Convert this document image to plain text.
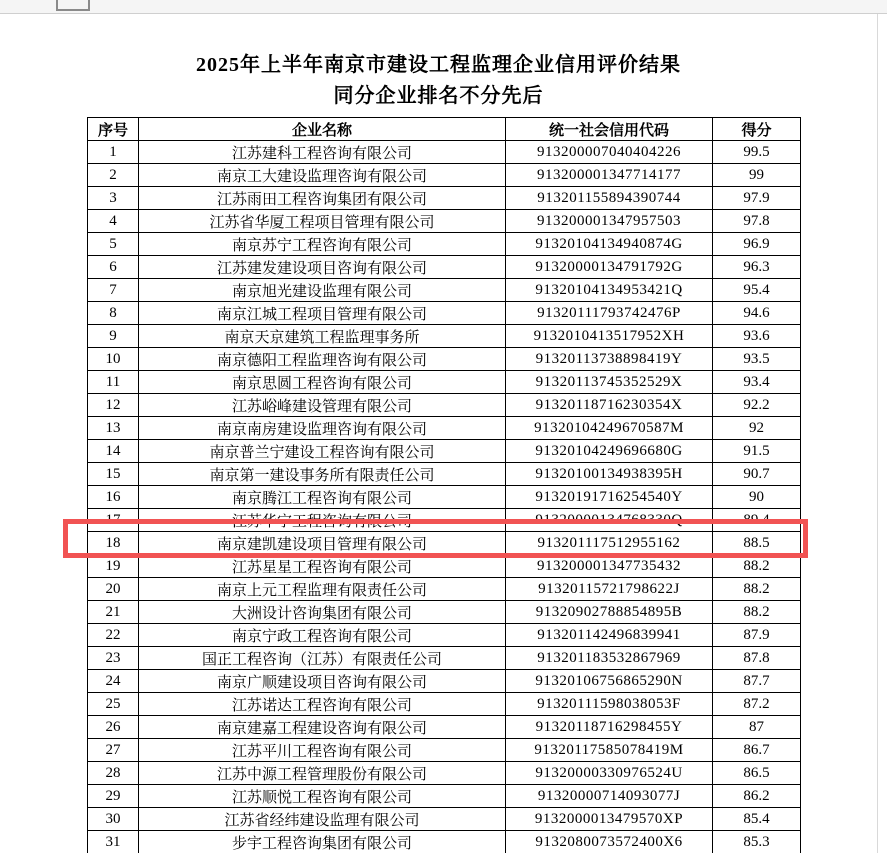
2025年上半年南京市建设工程监理企业信用评价结果
同分企业排名不分先后
序号	企业名称	统一社会信用代码	得分
1	江苏建科工程咨询有限公司	913200007040404226	99.5
2	南京工大建设监理咨询有限公司	913200001347714177	99
3	江苏雨田工程咨询集团有限公司	913201155894390744	97.9
4	江苏省华厦工程项目管理有限公司	913200001347957503	97.8
5	南京苏宁工程咨询有限公司	91320104134940874G	96.9
6	江苏建发建设项目咨询有限公司	91320000134791792G	96.3
7	南京旭光建设监理有限公司	91320104134953421Q	95.4
8	南京江城工程项目管理有限公司	91320111793742476P	94.6
9	南京天京建筑工程监理事务所	9132010413517952XH	93.6
10	南京德阳工程监理咨询有限公司	91320113738898419Y	93.5
11	南京思圆工程咨询有限公司	91320113745352529X	93.4
12	江苏峪峰建设管理有限公司	91320118716230354X	92.2
13	南京南房建设监理咨询有限公司	91320104249670587M	92
14	南京普兰宁建设工程咨询有限公司	91320104249696680G	91.5
15	南京第一建设事务所有限责任公司	91320100134938395H	90.7
16	南京腾江工程咨询有限公司	91320191716254540Y	90
17	江苏华宁工程咨询有限公司	91320000134768330Q	89.4
18	南京建凯建设项目管理有限公司	913201117512955162	88.5
19	江苏星星工程咨询有限公司	913200001347735432	88.2
20	南京上元工程监理有限责任公司	91320115721798622J	88.2
21	大洲设计咨询集团有限公司	91320902788854895B	88.2
22	南京宁政工程咨询有限公司	913201142496839941	87.9
23	国正工程咨询（江苏）有限责任公司	913201183532867969	87.8
24	南京广顺建设项目咨询有限公司	91320106756865290N	87.7
25	江苏诺达工程咨询有限公司	91320111598038053F	87.2
26	南京建嘉工程建设咨询有限公司	91320118716298455Y	87
27	江苏平川工程咨询有限公司	91320117585078419M	86.7
28	江苏中源工程管理股份有限公司	91320000330976524U	86.5
29	江苏顺悦工程咨询有限公司	91320000714093077J	86.2
30	江苏省经纬建设监理有限公司	9132000013479570XP	85.4
31	步宇工程咨询集团有限公司	9132080073572400X6	85.3
